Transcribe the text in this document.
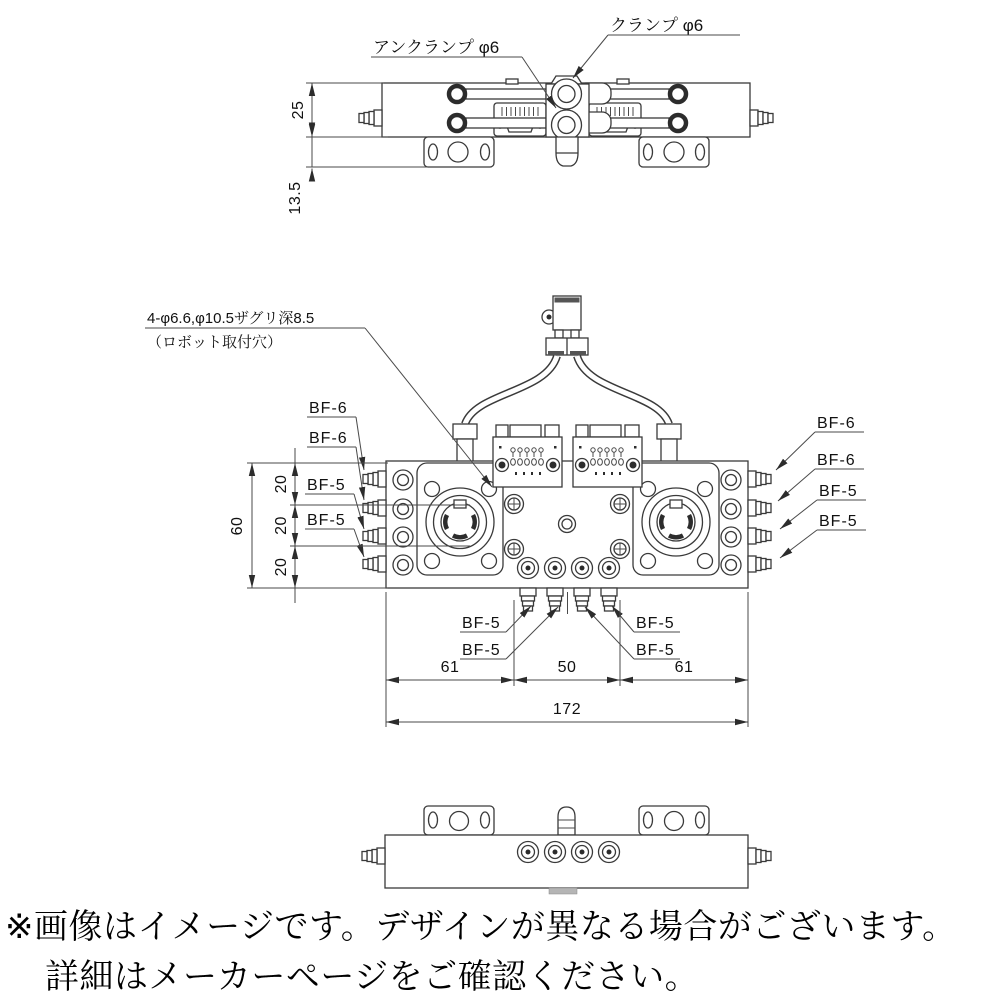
アンクランプ φ6
クランプ φ6
25
13.5
4-φ6.6,φ10.5ザグリ深8.5
（ロボット取付穴）
BF-6
BF-6
BF-5
BF-5
BF-6
BF-6
BF-5
BF-5
BF-5
BF-5
BF-5
BF-5
60
20
20
20
61	50	61
172
※画像はイメージです。デザインが異なる場合がございます。
詳細はメーカーページをご確認ください。
